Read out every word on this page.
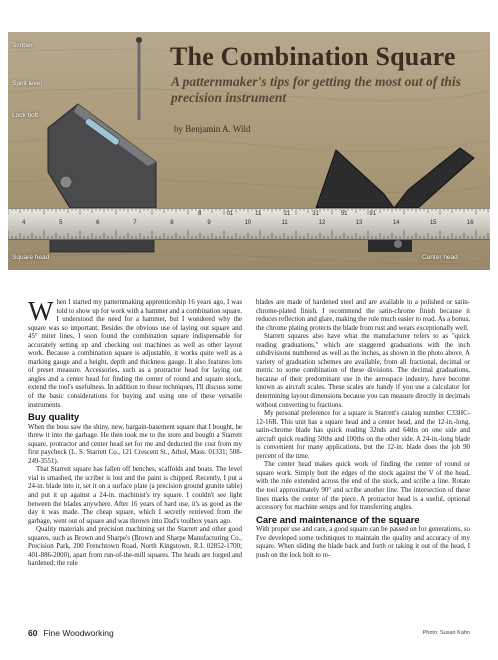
The Combination Square
A patternmaker's tips for getting the most out of this precision instrument
by Benjamin A. Wild
Scriber
Spirit level
Lock bolt
Square head	Center head
4	5	6	7	8	9	10	11	12	13	14	15	16
8	01	11	21	31	51	91

When I started my patternmaking apprenticeship 16 years ago, I was told to show up for work with a hammer and a combination square. I understood the need for a hammer, but I wondered why the square was so important. Besides the obvious use of laying out square and 45° miter lines, I soon found the combination square indispensable for accurately setting up and checking out machines as well as other layout work. Because a combination square is adjustable, it works quite well as a marking gauge and a height, depth and thickness gauge. It also features lots of preset measure. Accessories, such as a protractor head for laying out angles and a center head for finding the center of round and square stock, extend the tool's usefulness. In addition to these techniques, I'll discuss some of the basic considerations for buying and using one of these versatile instruments.

Buy quality

When the boss saw the shiny, new, bargain-basement square that I bought, he threw it into the garbage. He then took me to the store and bought a Starrett square, protractor and center head set for me and deducted the cost from my first paycheck (L. S. Starrett Co., 121 Crescent St., Athol, Mass. 01331; 508-249-3551).

That Starrett square has fallen off benches, scaffolds and boats. The level vial is smashed, the scriber is lost and the paint is chipped. Recently, I put a 24-in. blade into it, set it on a surface plate (a precision ground granite table) and put it up against a 24-in. machinist's try square. I couldn't see light between the blades anywhere. After 16 years of hard use, it's as good as the day it was made. The cheap square, which I secretly retrieved from the garbage, went out of square and was thrown into Dad's toolbox years ago.

Quality materials and precision machining set the Starrett and other good squares, such as Brown and Sharpe's (Brown and Sharpe Manufacturing Co., Precision Park, 200 Frenchtown Road, North Kingstown, R.I. 02852-1700; 401-886-2000), apart from run-of-the-mill squares. The heads are forged and hardened; the rule

blades are made of hardened steel and are available in a polished or satin-chrome-plated finish. I recommend the satin-chrome finish because it reduces reflection and glare, making the rule much easier to read. As a bonus, the chrome plating protects the blade from rust and wears exceptionally well.

Starrett squares also have what the manufacturer refers to as "quick reading graduations," which are staggered graduations with the inch subdivisions numbered as well as the inches, as shown in the photo above. A variety of graduation schemes are available, from all fractional, decimal or metric to some combination of these divisions. The decimal graduations, because of their predominant use in the aerospace industry, have become known as aircraft scales. These scales are handy if you use a calculator for determining layout dimensions because you can measure directly in decimals without converting to fractions.

My personal preference for a square is Starrett's catalog number C33HC-12-16R. This unit has a square head and a center head, and the 12-in.-long, satin-chrome blade has quick reading 32nds and 64ths on one side and aircraft quick reading 50ths and 100ths on the other side. A 24-in.-long blade is convenient for many applications, but the 12-in. blade does the job 90 percent of the time.

The center head makes quick work of finding the center of round or square work. Simply butt the edges of the stock against the V of the head, with the rule extended across the end of the stock, and scribe a line. Rotate the tool approximately 90° and scribe another line. The intersection of these lines marks the center of the piece. A protractor head is a useful, optional accessory for machine setups and for transferring angles.

Care and maintenance of the square

With proper use and care, a good square can be passed on for generations, so I've developed some techniques to maintain the quality and accuracy of my square. When sliding the blade back and forth or taking it out of the head, I push on the lock bolt to re-

60 Fine Woodworking	Photo: Susan Kahn
